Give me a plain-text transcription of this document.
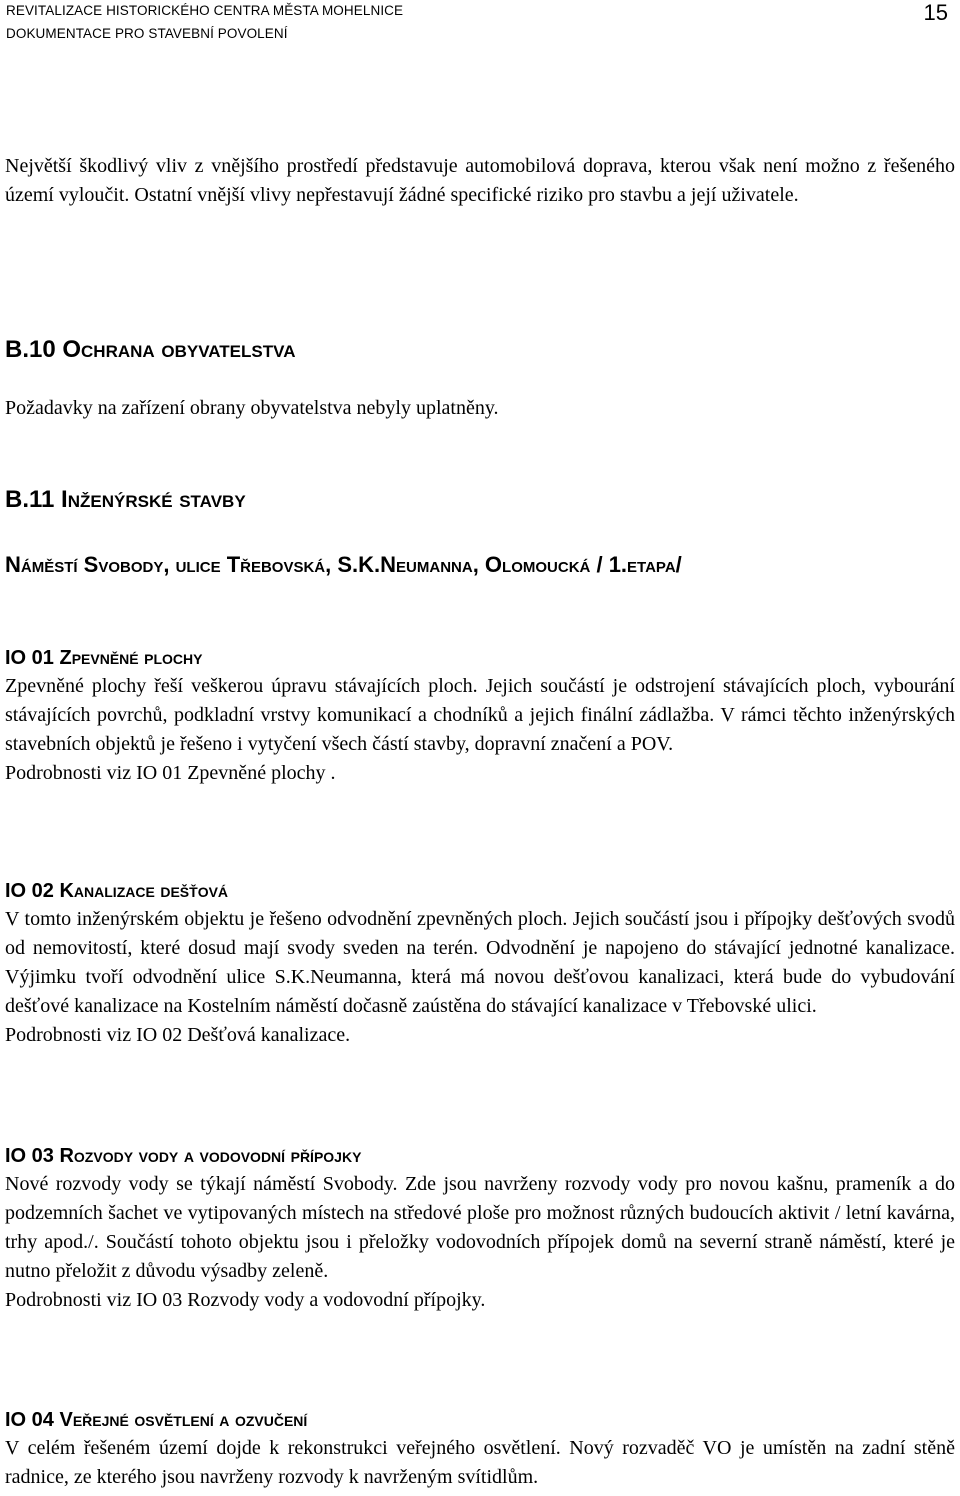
REVITALIZACE HISTORICKÉHO CENTRA MĚSTA MOHELNICE
DOKUMENTACE PRO STAVEBNÍ POVOLENÍ
15

Největší škodlivý vliv z vnějšího prostředí představuje automobilová doprava, kterou však není možno z řešeného území vyloučit. Ostatní vnější vlivy nepřestavují žádné specifické riziko pro stavbu a její uživatele.

B.10 Ochrana obyvatelstva

Požadavky na zařízení obrany obyvatelstva nebyly uplatněny.

B.11 Inženýrské stavby
Náměstí Svobody, ulice Třebovská, S.K.Neumanna, Olomoucká / 1.etapa/
IO 01 Zpevněné plochy

Zpevněné plochy řeší veškerou úpravu stávajících ploch. Jejich součástí je odstrojení stávajících ploch, vybourání stávajících povrchů, podkladní vrstvy komunikací a chodníků a jejich finální zádlažba. V rámci těchto inženýrských stavebních objektů je řešeno i vytyčení všech částí stavby, dopravní značení a POV.

Podrobnosti viz IO 01 Zpevněné plochy .

IO 02 Kanalizace dešťová

V tomto inženýrském objektu je řešeno odvodnění zpevněných ploch. Jejich součástí jsou i přípojky dešťových svodů od nemovitostí, které dosud mají svody sveden na terén. Odvodnění je napojeno do stávající jednotné kanalizace. Výjimku tvoří odvodnění ulice S.K.Neumanna, která má novou dešťovou kanalizaci, která bude do vybudování dešťové kanalizace na Kostelním náměstí dočasně zaústěna do stávající kanalizace v Třebovské ulici.

Podrobnosti viz IO 02 Dešťová kanalizace.

IO 03 Rozvody vody a vodovodní přípojky

Nové rozvody vody se týkají náměstí Svobody. Zde jsou navrženy rozvody vody pro novou kašnu, prameník a do podzemních šachet ve vytipovaných místech na středové ploše pro možnost různých budoucích aktivit / letní kavárna, trhy apod./. Součástí tohoto objektu jsou i přeložky vodovodních přípojek domů na severní straně náměstí, které je nutno přeložit z důvodu výsadby zeleně.

Podrobnosti viz IO 03 Rozvody vody a vodovodní přípojky.

IO 04 Veřejné osvětlení a ozvučení

V celém řešeném území dojde k rekonstrukci veřejného osvětlení. Nový rozvaděč VO je umístěn na zadní stěně radnice, ze kterého jsou navrženy rozvody k navrženým svítidlům.
